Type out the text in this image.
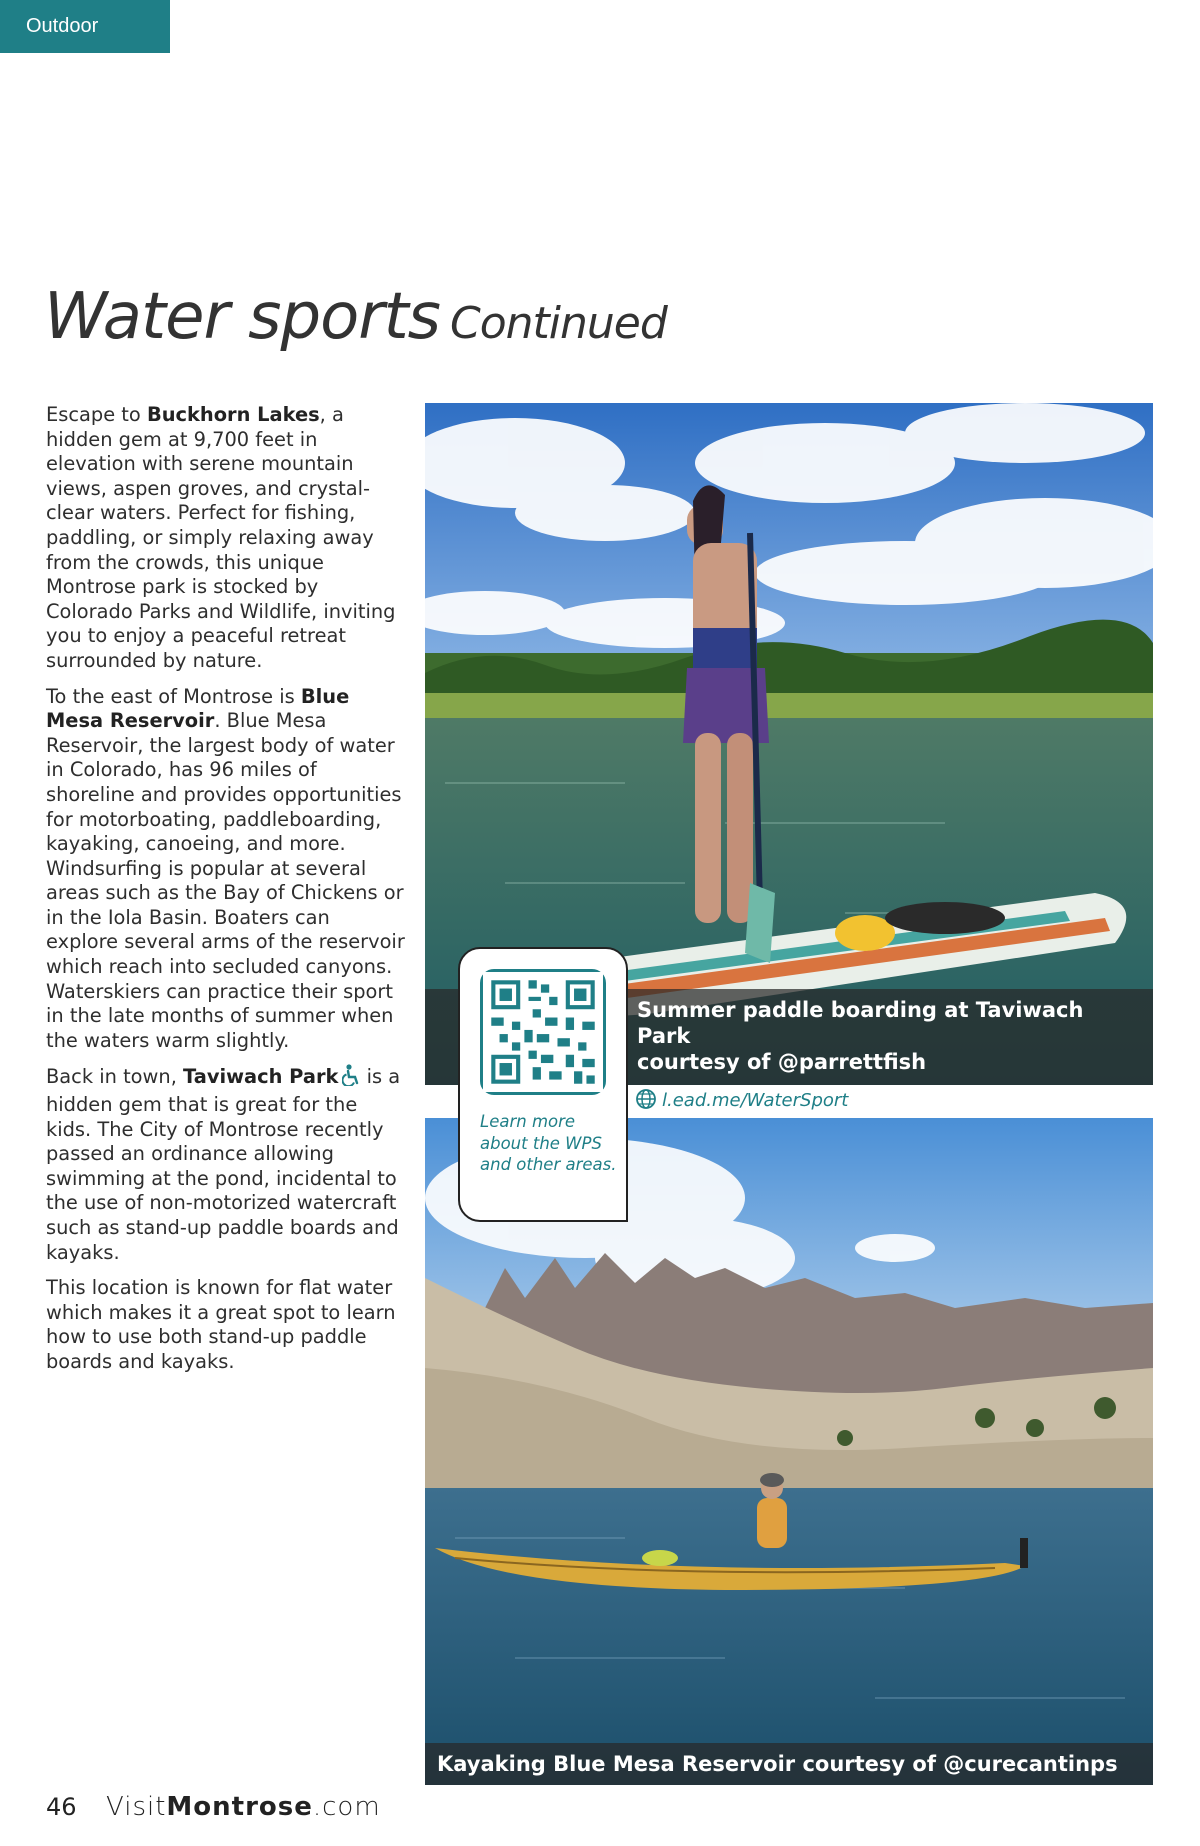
Outdoor
Water sports Continued

Escape to Buckhorn Lakes, a hidden gem at 9,700 feet in elevation with serene mountain views, aspen groves, and crystal-clear waters. Perfect for fishing, paddling, or simply relaxing away from the crowds, this unique Montrose park is stocked by Colorado Parks and Wildlife, inviting you to enjoy a peaceful retreat surrounded by nature.

To the east of Montrose is Blue Mesa Reservoir. Blue Mesa Reservoir, the largest body of water in Colorado, has 96 miles of shoreline and provides opportunities for motorboating, paddleboarding, kayaking, canoeing, and more. Windsurfing is popular at several areas such as the Bay of Chickens or in the Iola Basin. Boaters can explore several arms of the reservoir which reach into secluded canyons. Waterskiers can practice their sport in the late months of summer when the waters warm slightly.

Back in town, Taviwach Park is a hidden gem that is great for the kids. The City of Montrose recently passed an ordinance allowing swimming at the pond, incidental to the use of non-motorized watercraft such as stand-up paddle boards and kayaks.

This location is known for flat water which makes it a great spot to learn how to use both stand-up paddle boards and kayaks.

Summer paddle boarding at Taviwach Park
courtesy of @parrettfish
Kayaking Blue Mesa Reservoir courtesy of @curecantinps
Learn more about the WPS and other areas.
l.ead.me/WaterSport
46 VisitMontrose.com
